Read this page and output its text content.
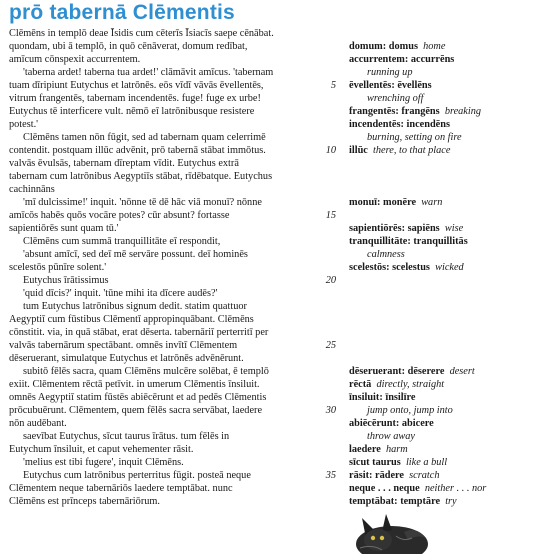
prō tabernā Clēmentis
Clēmēns in templō deae Īsidis cum cēterīs Īsiacīs saepe cēnābat.
quondam, ubi ā templō, in quō cēnāverat, domum redībat,
amīcum cōnspexit accurrentem.
'taberna ardet! taberna tua ardet!' clāmāvit amīcus. 'tabernam
tuam dīripiunt Eutychus et latrōnēs. eōs vīdī vāvās ēvellentēs,
vitrum frangentēs, tabernam incendentēs. fuge! fuge ex urbe!
Eutychus tē interficere vult. nēmō eī latrōnibusque resistere
potest.'
Clēmēns tamen nōn fūgit, sed ad tabernam quam celerrimē
contendit. postquam illūc advēnit, prō tabernā stābat immōtus.
valvās ēvulsās, tabernam dīreptam vīdit. Eutychus extrā
tabernam cum latrōnibus Aegyptiīs stābat, rīdēbatque. Eutychus
cachinnāns
'mī dulcissime!' inquit. 'nōnne tē dē hāc viā monuī? nōnne
amīcōs habēs quōs vocāre potes? cūr absunt? fortasse
sapientiōrēs sunt quam tū.'
Clēmēns cum summā tranquillitāte eī respondit,
'absunt amīcī, sed deī mē servāre possunt. deī hominēs
scelestōs pūnīre solent.'
Eutychus īrātissimus
'quid dīcis?' inquit. 'tūne mihi ita dīcere audēs?'
tum Eutychus latrōnibus signum dedit. statim quattuor
Aegyptiī cum fūstibus Clēmentī appropinquābant. Clēmēns
cōnstitit. via, in quā stābat, erat dēserta. tabernāriī perterritī per
valvās tabernārum spectābant. omnēs invītī Clēmentem
dēseruerant, simulatque Eutychus et latrōnēs advēnērunt.
subitō fēlēs sacra, quam Clēmēns mulcēre solēbat, ē templō
exiit. Clēmentem rēctā petīvit. in umerum Clēmentis īnsiluit.
omnēs Aegyptiī statim fūstēs abiēcērunt et ad pedēs Clēmentis
prōcubuērunt. Clēmentem, quem fēlēs sacra servābat, laedere
nōn audēbant.
saevībat Eutychus, sīcut taurus īrātus. tum fēlēs in
Eutychum īnsiluit, et caput vehementer rāsit.
'melius est tibi fugere', inquit Clēmēns.
Eutychus cum latrōnibus perterritus fūgit. posteā neque
Clēmentem neque tabernāriōs laedere temptābat. nunc
Clēmēns est prīnceps tabernāriōrum.
5
10
15
20
25
30
35
domum: domus home
accurrentem: accurrēns
running up
ēvellentēs: ēvellēns
wrenching off
frangentēs: frangēns breaking
incendentēs: incendēns
burning, setting on fire
illūc there, to that place
monuī: monēre warn
sapientiōrēs: sapiēns wise
tranquillitāte: tranquillitās
calmness
scelestōs: scelestus wicked
dēseruerant: dēserere desert
rēctā directly, straight
īnsiluit: īnsilīre
jump onto, jump into
abiēcērunt: abicere
throw away
laedere harm
sīcut taurus like a bull
rāsit: rādere scratch
neque . . . neque neither . . . nor
temptābat: temptāre try
